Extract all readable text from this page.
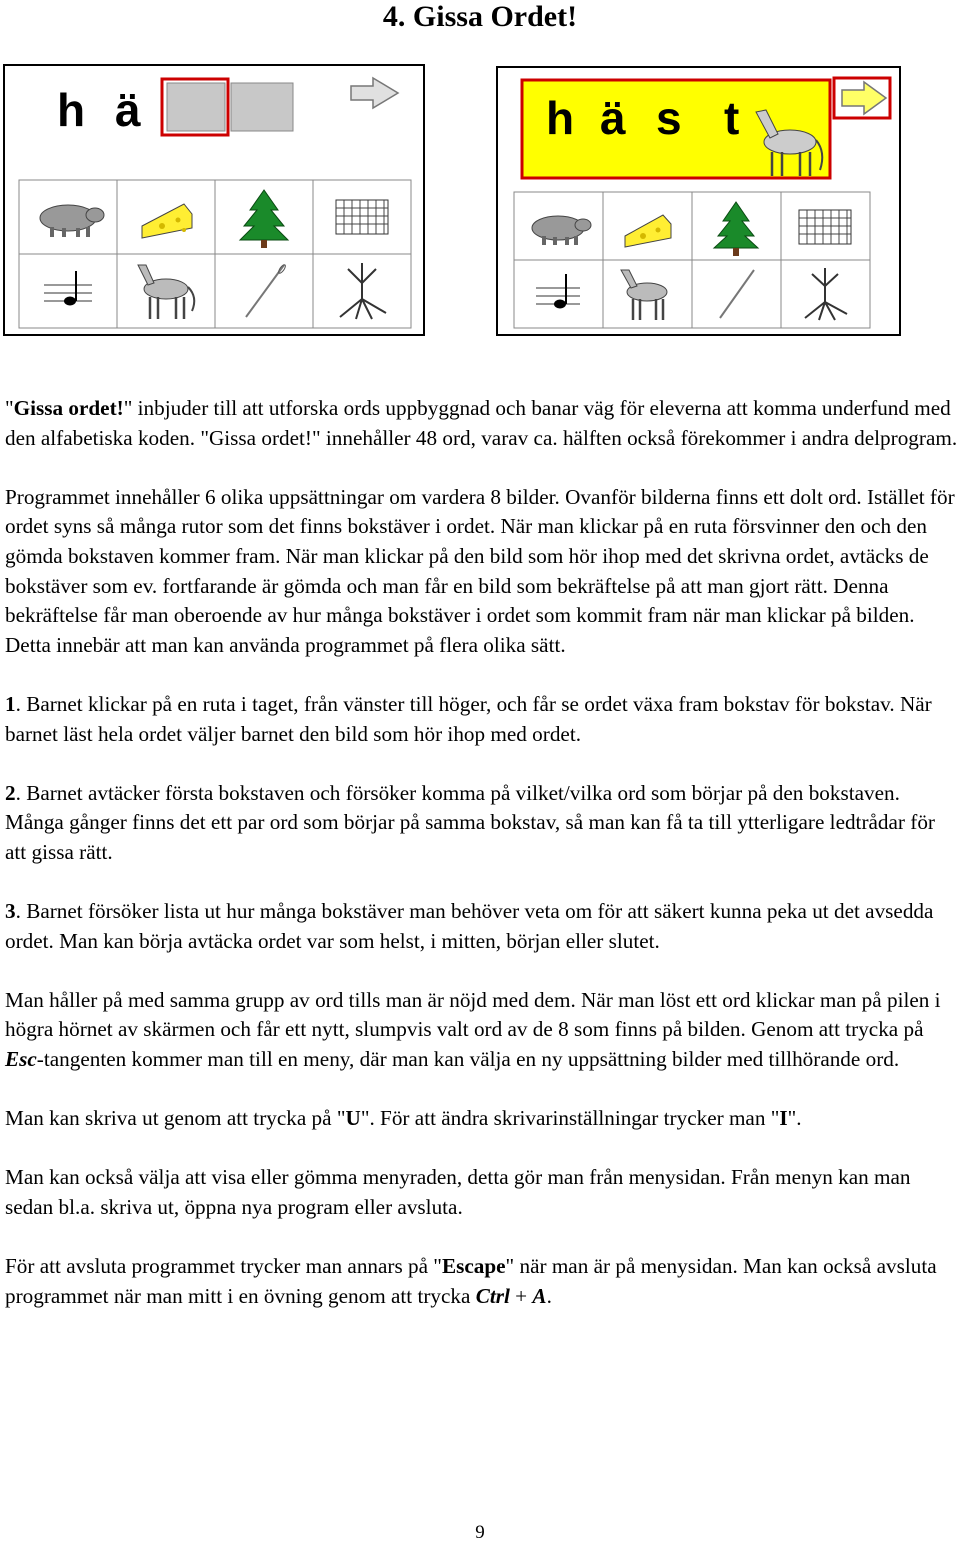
4. Gissa Ordet!
h ä	h ä s t

"Gissa ordet!" inbjuder till att utforska ords uppbyggnad och banar väg för eleverna att komma underfund med den alfabetiska koden. "Gissa ordet!" innehåller 48 ord, varav ca. hälften också förekommer i andra delprogram.

Programmet innehåller 6 olika uppsättningar om vardera 8 bilder. Ovanför bilderna finns ett dolt ord. Istället för ordet syns så många rutor som det finns bokstäver i ordet. När man klickar på en ruta försvinner den och den gömda bokstaven kommer fram. När man klickar på den bild som hör ihop med det skrivna ordet, avtäcks de bokstäver som ev. fortfarande är gömda och man får en bild som bekräftelse på att man gjort rätt. Denna bekräftelse får man oberoende av hur många bokstäver i ordet som kommit fram när man klickar på bilden. Detta innebär att man kan använda programmet på flera olika sätt.

1. Barnet klickar på en ruta i taget, från vänster till höger, och får se ordet växa fram bokstav för bokstav. När barnet läst hela ordet väljer barnet den bild som hör ihop med ordet.

2. Barnet avtäcker första bokstaven och försöker komma på vilket/vilka ord som börjar på den bokstaven. Många gånger finns det ett par ord som börjar på samma bokstav, så man kan få ta till ytterligare ledtrådar för att gissa rätt.

3. Barnet försöker lista ut hur många bokstäver man behöver veta om för att säkert kunna peka ut det avsedda ordet. Man kan börja avtäcka ordet var som helst, i mitten, början eller slutet.

Man håller på med samma grupp av ord tills man är nöjd med dem. När man löst ett ord klickar man på pilen i högra hörnet av skärmen och får ett nytt, slumpvis valt ord av de 8 som finns på bilden. Genom att trycka på Esc-tangenten kommer man till en meny, där man kan välja en ny uppsättning bilder med tillhörande ord.

Man kan skriva ut genom att trycka på "U". För att ändra skrivarinställningar trycker man "I".

Man kan också välja att visa eller gömma menyraden, detta gör man från menysidan. Från menyn kan man sedan bl.a. skriva ut, öppna nya program eller avsluta.

För att avsluta programmet trycker man annars på "Escape" när man är på menysidan. Man kan också avsluta programmet när man mitt i en övning genom att trycka Ctrl + A.

9
